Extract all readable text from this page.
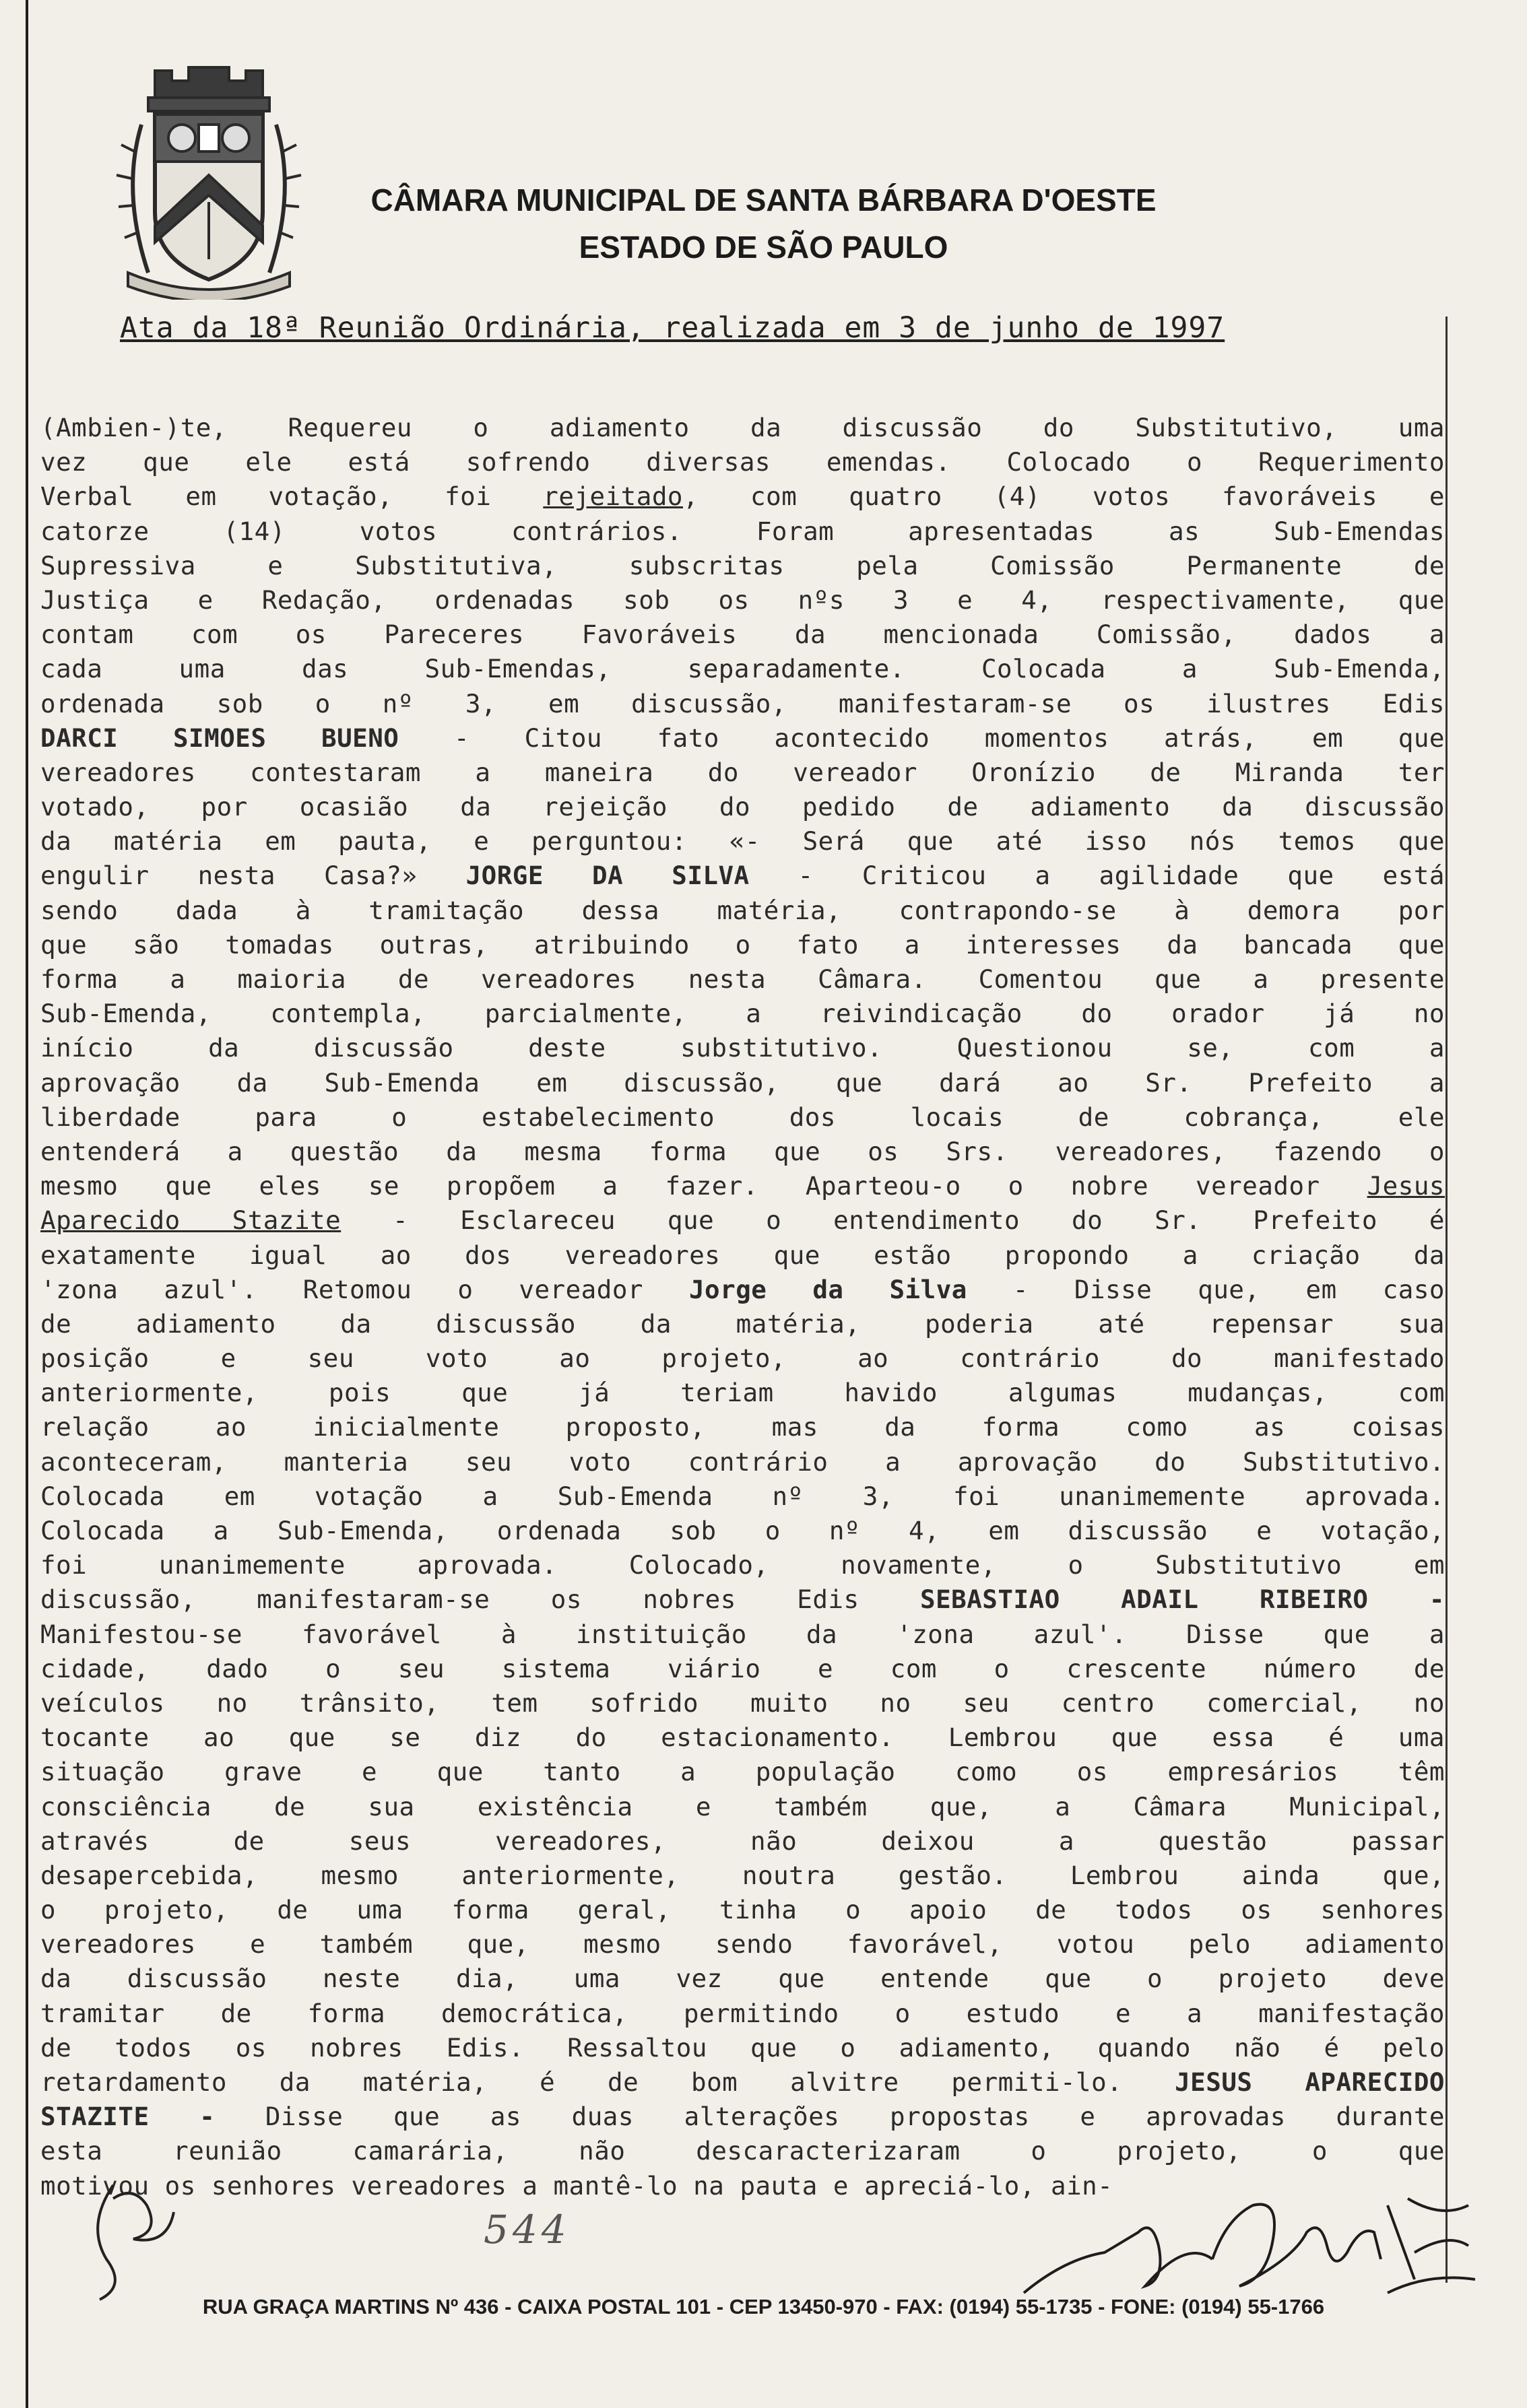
CÂMARA MUNICIPAL DE SANTA BÁRBARA D'OESTE
ESTADO DE SÃO PAULO
Ata da 18ª Reunião Ordinária, realizada em 3 de junho de 1997
(Ambien-)te, Requereu o adiamento da discussão do Substitutivo, uma
vez que ele está sofrendo diversas emendas. Colocado o Requerimento
Verbal em votação, foi rejeitado, com quatro (4) votos favoráveis e
catorze (14) votos contrários. Foram apresentadas as Sub-Emendas
Supressiva e Substitutiva, subscritas pela Comissão Permanente de
Justiça e Redação, ordenadas sob os nºs 3 e 4, respectivamente, que
contam com os Pareceres Favoráveis da mencionada Comissão, dados a
cada uma das Sub-Emendas, separadamente. Colocada a Sub-Emenda,
ordenada sob o nº 3, em discussão, manifestaram-se os ilustres Edis
DARCI SIMOES BUENO - Citou fato acontecido momentos atrás, em que
vereadores contestaram a maneira do vereador Oronízio de Miranda ter
votado, por ocasião da rejeição do pedido de adiamento da discussão
da matéria em pauta, e perguntou: «- Será que até isso nós temos que
engulir nesta Casa?» JORGE DA SILVA - Criticou a agilidade que está
sendo dada à tramitação dessa matéria, contrapondo-se à demora por
que são tomadas outras, atribuindo o fato a interesses da bancada que
forma a maioria de vereadores nesta Câmara. Comentou que a presente
Sub-Emenda, contempla, parcialmente, a reivindicação do orador já no
início da discussão deste substitutivo. Questionou se, com a
aprovação da Sub-Emenda em discussão, que dará ao Sr. Prefeito a
liberdade para o estabelecimento dos locais de cobrança, ele
entenderá a questão da mesma forma que os Srs. vereadores, fazendo o
mesmo que eles se propõem a fazer. Aparteou-o o nobre vereador Jesus
Aparecido Stazite - Esclareceu que o entendimento do Sr. Prefeito é
exatamente igual ao dos vereadores que estão propondo a criação da
'zona azul'. Retomou o vereador Jorge da Silva - Disse que, em caso
de adiamento da discussão da matéria, poderia até repensar sua
posição e seu voto ao projeto, ao contrário do manifestado
anteriormente, pois que já teriam havido algumas mudanças, com
relação ao inicialmente proposto, mas da forma como as coisas
aconteceram, manteria seu voto contrário a aprovação do Substitutivo.
Colocada em votação a Sub-Emenda nº 3, foi unanimemente aprovada.
Colocada a Sub-Emenda, ordenada sob o nº 4, em discussão e votação,
foi unanimemente aprovada. Colocado, novamente, o Substitutivo em
discussão, manifestaram-se os nobres Edis SEBASTIAO ADAIL RIBEIRO -
Manifestou-se favorável à instituição da 'zona azul'. Disse que a
cidade, dado o seu sistema viário e com o crescente número de
veículos no trânsito, tem sofrido muito no seu centro comercial, no
tocante ao que se diz do estacionamento. Lembrou que essa é uma
situação grave e que tanto a população como os empresários têm
consciência de sua existência e também que, a Câmara Municipal,
através de seus vereadores, não deixou a questão passar
desapercebida, mesmo anteriormente, noutra gestão. Lembrou ainda que,
o projeto, de uma forma geral, tinha o apoio de todos os senhores
vereadores e também que, mesmo sendo favorável, votou pelo adiamento
da discussão neste dia, uma vez que entende que o projeto deve
tramitar de forma democrática, permitindo o estudo e a manifestação
de todos os nobres Edis. Ressaltou que o adiamento, quando não é pelo
retardamento da matéria, é de bom alvitre permiti-lo. JESUS APARECIDO
STAZITE - Disse que as duas alterações propostas e aprovadas durante
esta reunião camarária, não descaracterizaram o projeto, o que
motivou os senhores vereadores a mantê-lo na pauta e apreciá-lo, ain-
544
RUA GRAÇA MARTINS Nº 436 - CAIXA POSTAL 101 - CEP 13450-970 - FAX: (0194) 55-1735 - FONE: (0194) 55-1766
